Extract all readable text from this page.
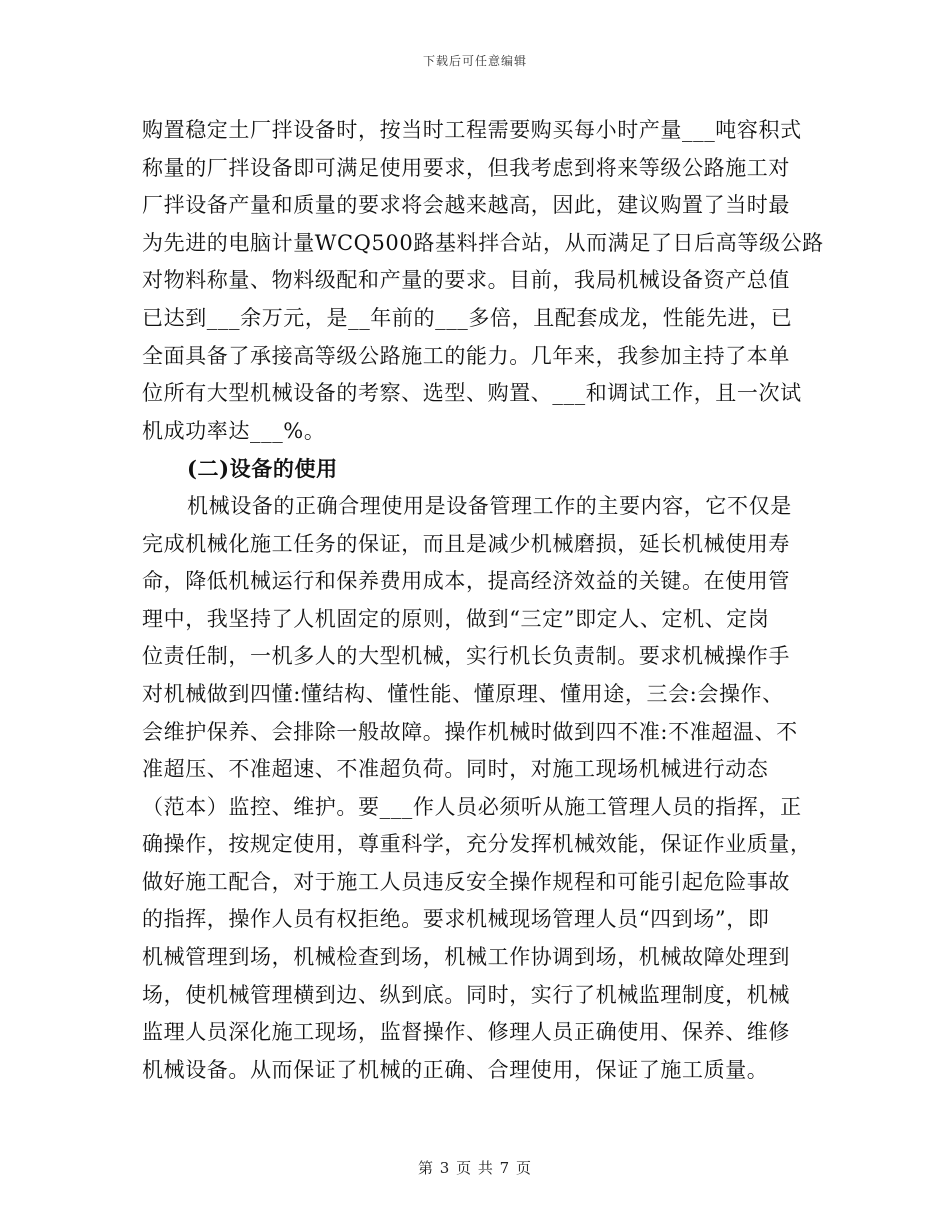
下载后可任意编辑
购置稳定土厂拌设备时，按当时工程需要购买每小时产量___吨容积式
称量的厂拌设备即可满足使用要求，但我考虑到将来等级公路施工对
厂拌设备产量和质量的要求将会越来越高，因此，建议购置了当时最
为先进的电脑计量WCQ500路基料拌合站，从而满足了日后高等级公路
对物料称量、物料级配和产量的要求。目前，我局机械设备资产总值
已达到___余万元，是__年前的___多倍，且配套成龙，性能先进，已
全面具备了承接高等级公路施工的能力。几年来，我参加主持了本单
位所有大型机械设备的考察、选型、购置、___和调试工作，且一次试
机成功率达___%。
(二)设备的使用
机械设备的正确合理使用是设备管理工作的主要内容，它不仅是
完成机械化施工任务的保证，而且是减少机械磨损，延长机械使用寿
命，降低机械运行和保养费用成本，提高经济效益的关键。在使用管
理中，我坚持了人机固定的原则，做到“三定”即定人、定机、定岗
位责任制，一机多人的大型机械，实行机长负责制。要求机械操作手
对机械做到四懂:懂结构、懂性能、懂原理、懂用途，三会:会操作、
会维护保养、会排除一般故障。操作机械时做到四不准:不准超温、不
准超压、不准超速、不准超负荷。同时，对施工现场机械进行动态
（范本）监控、维护。要___作人员必须听从施工管理人员的指挥，正
确操作，按规定使用，尊重科学，充分发挥机械效能，保证作业质量，
做好施工配合，对于施工人员违反安全操作规程和可能引起危险事故
的指挥，操作人员有权拒绝。要求机械现场管理人员“四到场”，即
机械管理到场，机械检查到场，机械工作协调到场，机械故障处理到
场，使机械管理横到边、纵到底。同时，实行了机械监理制度，机械
监理人员深化施工现场，监督操作、修理人员正确使用、保养、维修
机械设备。从而保证了机械的正确、合理使用，保证了施工质量。
第 3 页 共 7 页
